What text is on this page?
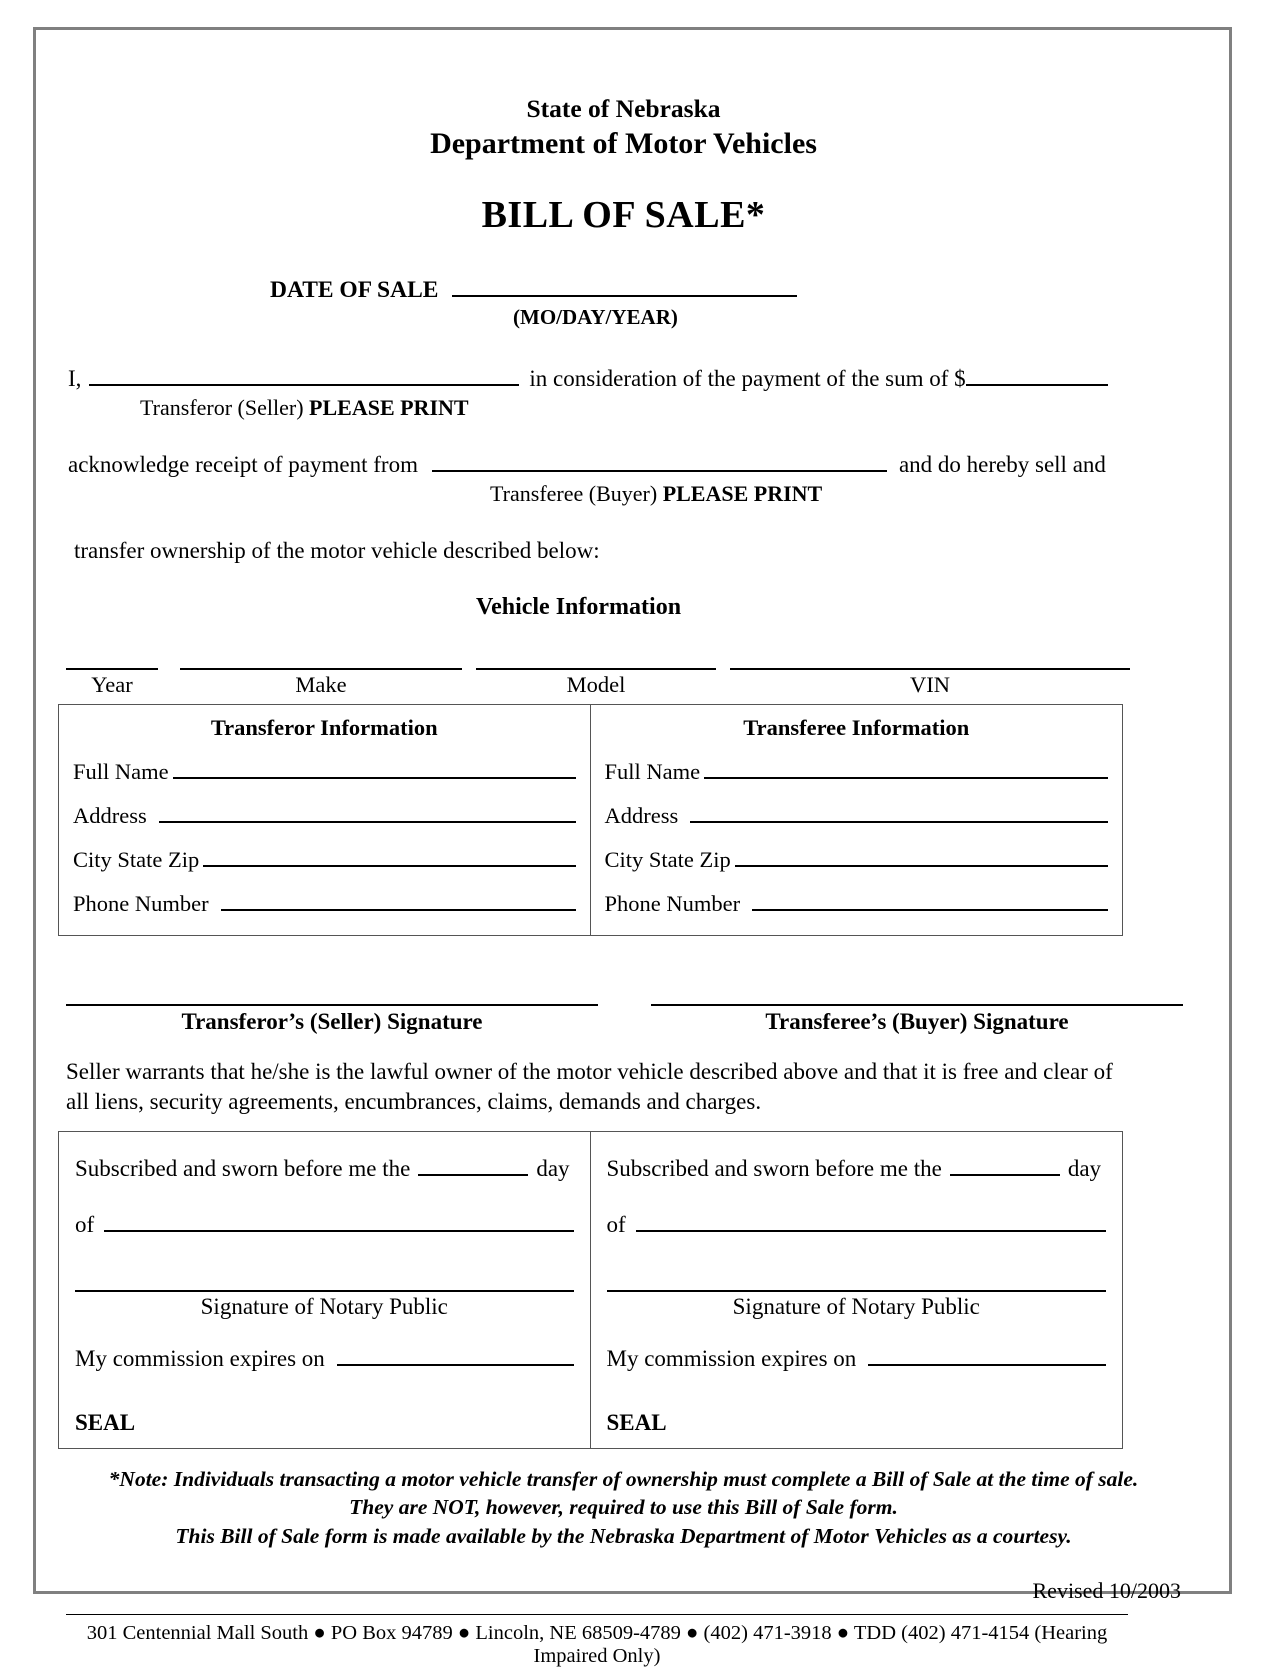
State of Nebraska
Department of Motor Vehicles
BILL OF SALE*
DATE OF SALE
(MO/DAY/YEAR)
I,	in consideration of the payment of the sum of $
Transferor (Seller) PLEASE PRINT
acknowledge receipt of payment from	and do hereby sell and
Transferee (Buyer) PLEASE PRINT
transfer ownership of the motor vehicle described below:
Vehicle Information
Year	Make	Model	VIN
Transferor Information
Full Name
Address
City State Zip
Phone Number
Transferee Information
Full Name
Address
City State Zip
Phone Number
Transferor’s (Seller) Signature	Transferee’s (Buyer) Signature
Seller warrants that he/she is the lawful owner of the motor vehicle described above and that it is free and clear of all liens, security agreements, encumbrances, claims, demands and charges.
Subscribed and sworn before me the	day
of
Signature of Notary Public
My commission expires on
SEAL
Subscribed and sworn before me the	day
of
Signature of Notary Public
My commission expires on
SEAL
*Note: Individuals transacting a motor vehicle transfer of ownership must complete a Bill of Sale at the time of sale.
They are NOT, however, required to use this Bill of Sale form.
This Bill of Sale form is made available by the Nebraska Department of Motor Vehicles as a courtesy.
Revised 10/2003
301 Centennial Mall South ● PO Box 94789 ● Lincoln, NE 68509-4789 ● (402) 471-3918 ● TDD (402) 471-4154 (Hearing Impaired Only)
